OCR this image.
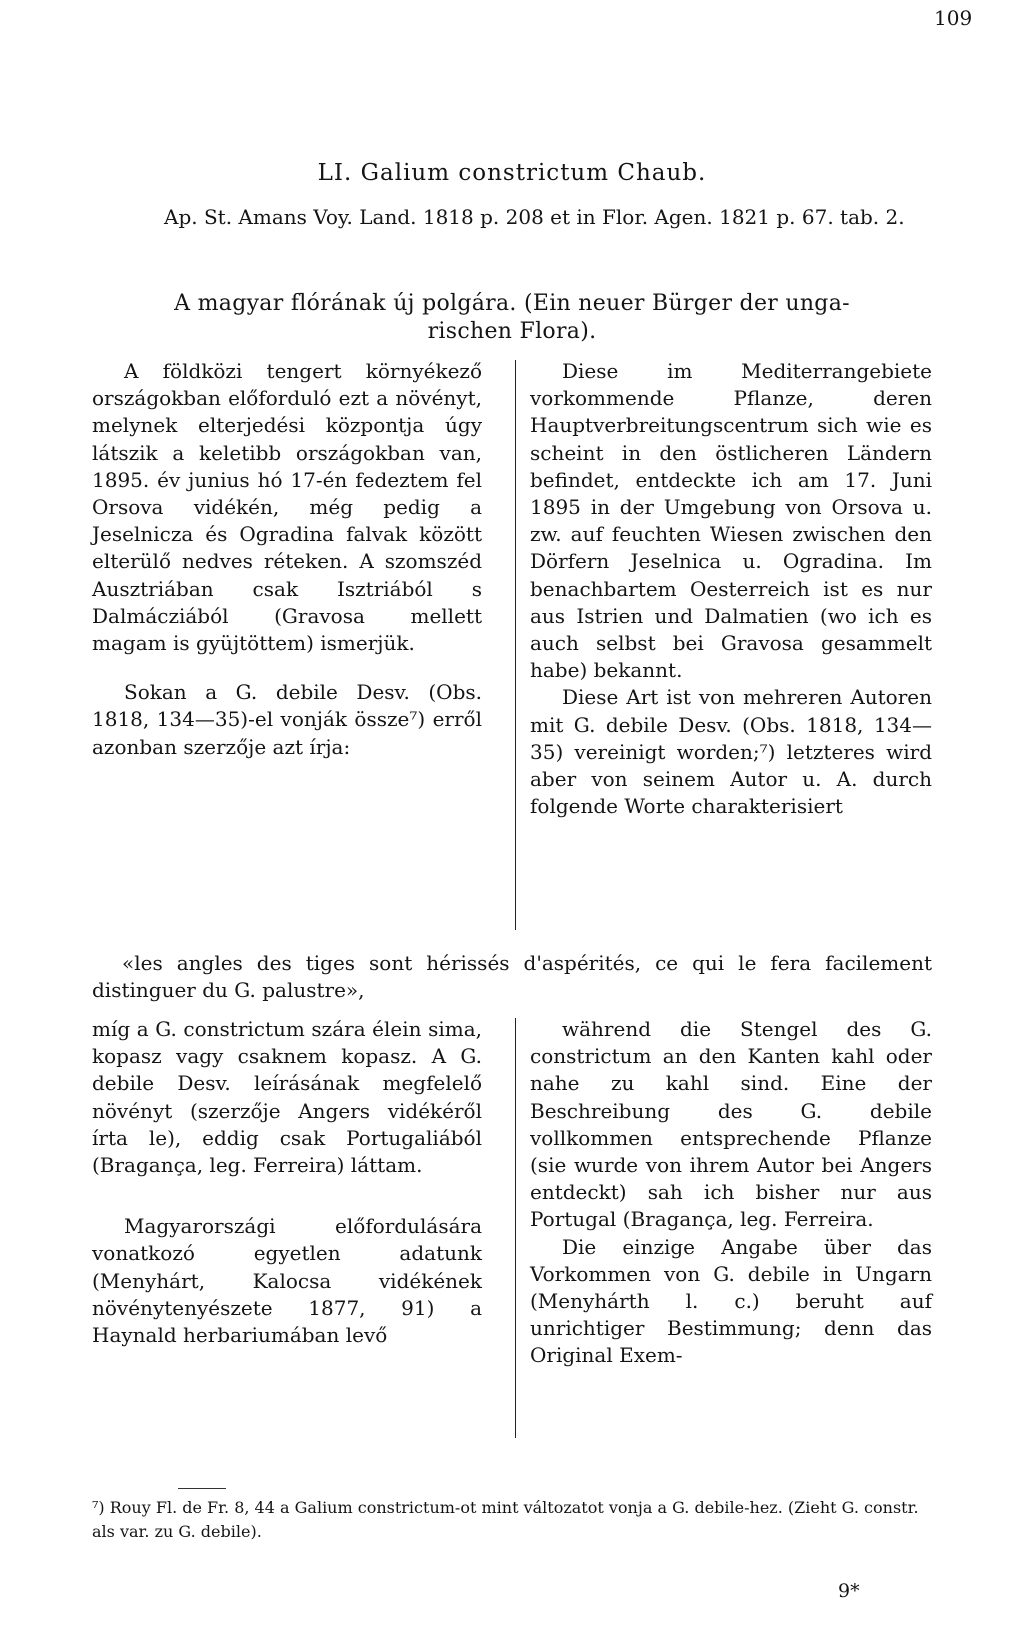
109
LI. Galium constrictum Chaub.
Ap. St. Amans Voy. Land. 1818 p. 208 et in Flor. Agen. 1821 p. 67. tab. 2.
A magyar flórának új polgára. (Ein neuer Bürger der unga-
rischen Flora).

A földközi tengert környékező országokban előforduló ezt a növényt, melynek elterjedési központja úgy látszik a keletibb országokban van, 1895. év junius hó 17-én fedeztem fel Orsova vidékén, még pedig a Jeselnicza és Ogradina falvak között elterülő nedves réteken. A szomszéd Ausztriában csak Isztriából s Dalmácziából (Gravosa mellett magam is gyüjtöttem) ismerjük.

Sokan a G. debile Desv. (Obs. 1818, 134—35)-el vonják össze⁷) erről azonban szerzője azt írja:

Diese im Mediterrangebiete vorkommende Pflanze, deren Hauptverbreitungscentrum sich wie es scheint in den östlicheren Ländern befindet, entdeckte ich am 17. Juni 1895 in der Umgebung von Orsova u. zw. auf feuchten Wiesen zwischen den Dörfern Jeselnica u. Ogradina. Im benachbartem Oesterreich ist es nur aus Istrien und Dalmatien (wo ich es auch selbst bei Gravosa gesammelt habe) bekannt.

Diese Art ist von mehreren Autoren mit G. debile Desv. (Obs. 1818, 134—35) vereinigt worden;⁷) letzteres wird aber von seinem Autor u. A. durch folgende Worte charakterisiert

«les angles des tiges sont hérissés d'aspérités, ce qui le fera facilement distinguer du G. palustre»,

míg a G. constrictum szára élein sima, kopasz vagy csaknem kopasz. A G. debile Desv. leírásának megfelelő növényt (szerzője Angers vidékéről írta le), eddig csak Portugaliából (Bragança, leg. Ferreira) láttam.

Magyarországi előfordulására vonatkozó egyetlen adatunk (Menyhárt, Kalocsa vidékének növénytenyészete 1877, 91) a Haynald herbariumában levő

während die Stengel des G. constrictum an den Kanten kahl oder nahe zu kahl sind. Eine der Beschreibung des G. debile vollkommen entsprechende Pflanze (sie wurde von ihrem Autor bei Angers entdeckt) sah ich bisher nur aus Portugal (Bragança, leg. Ferreira.

Die einzige Angabe über das Vorkommen von G. debile in Ungarn (Menyhárth l. c.) beruht auf unrichtiger Bestimmung; denn das Original Exem-

⁷) Rouy Fl. de Fr. 8, 44 a Galium constrictum-ot mint változatot vonja a G. debile-hez. (Zieht G. constr. als var. zu G. debile).
9*
